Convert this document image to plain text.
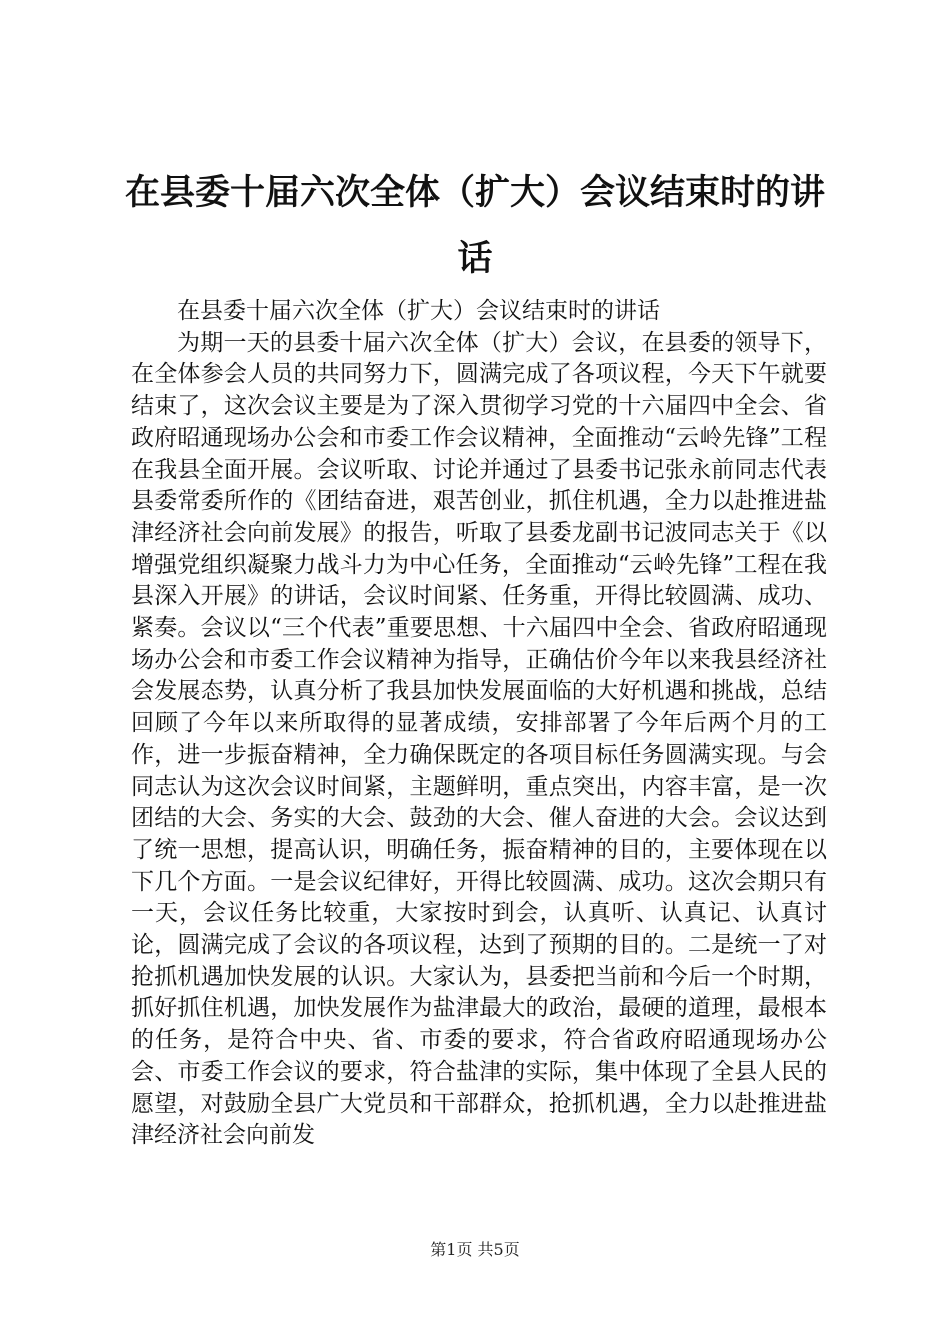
在县委十届六次全体（扩大）会议结束时的讲话

在县委十届六次全体（扩大）会议结束时的讲话

为期一天的县委十届六次全体（扩大）会议，在县委的领导下，在全体参会人员的共同努力下，圆满完成了各项议程，今天下午就要结束了，这次会议主要是为了深入贯彻学习党的十六届四中全会、省政府昭通现场办公会和市委工作会议精神，全面推动“云岭先锋”工程在我县全面开展。会议听取、讨论并通过了县委书记张永前同志代表县委常委所作的《团结奋进，艰苦创业，抓住机遇，全力以赴推进盐津经济社会向前发展》的报告，听取了县委龙副书记波同志关于《以增强党组织凝聚力战斗力为中心任务，全面推动“云岭先锋”工程在我县深入开展》的讲话，会议时间紧、任务重，开得比较圆满、成功、紧奏。会议以“三个代表”重要思想、十六届四中全会、省政府昭通现场办公会和市委工作会议精神为指导，正确估价今年以来我县经济社会发展态势，认真分析了我县加快发展面临的大好机遇和挑战，总结回顾了今年以来所取得的显著成绩，安排部署了今年后两个月的工作，进一步振奋精神，全力确保既定的各项目标任务圆满实现。与会同志认为这次会议时间紧，主题鲜明，重点突出，内容丰富，是一次团结的大会、务实的大会、鼓劲的大会、催人奋进的大会。会议达到了统一思想，提高认识，明确任务，振奋精神的目的，主要体现在以下几个方面。一是会议纪律好，开得比较圆满、成功。这次会期只有一天，会议任务比较重，大家按时到会，认真听、认真记、认真讨论，圆满完成了会议的各项议程，达到了预期的目的。二是统一了对抢抓机遇加快发展的认识。大家认为，县委把当前和今后一个时期，抓好抓住机遇，加快发展作为盐津最大的政治，最硬的道理，最根本的任务，是符合中央、省、市委的要求，符合省政府昭通现场办公会、市委工作会议的要求，符合盐津的实际，集中体现了全县人民的愿望，对鼓励全县广大党员和干部群众，抢抓机遇，全力以赴推进盐津经济社会向前发

第1页 共5页
